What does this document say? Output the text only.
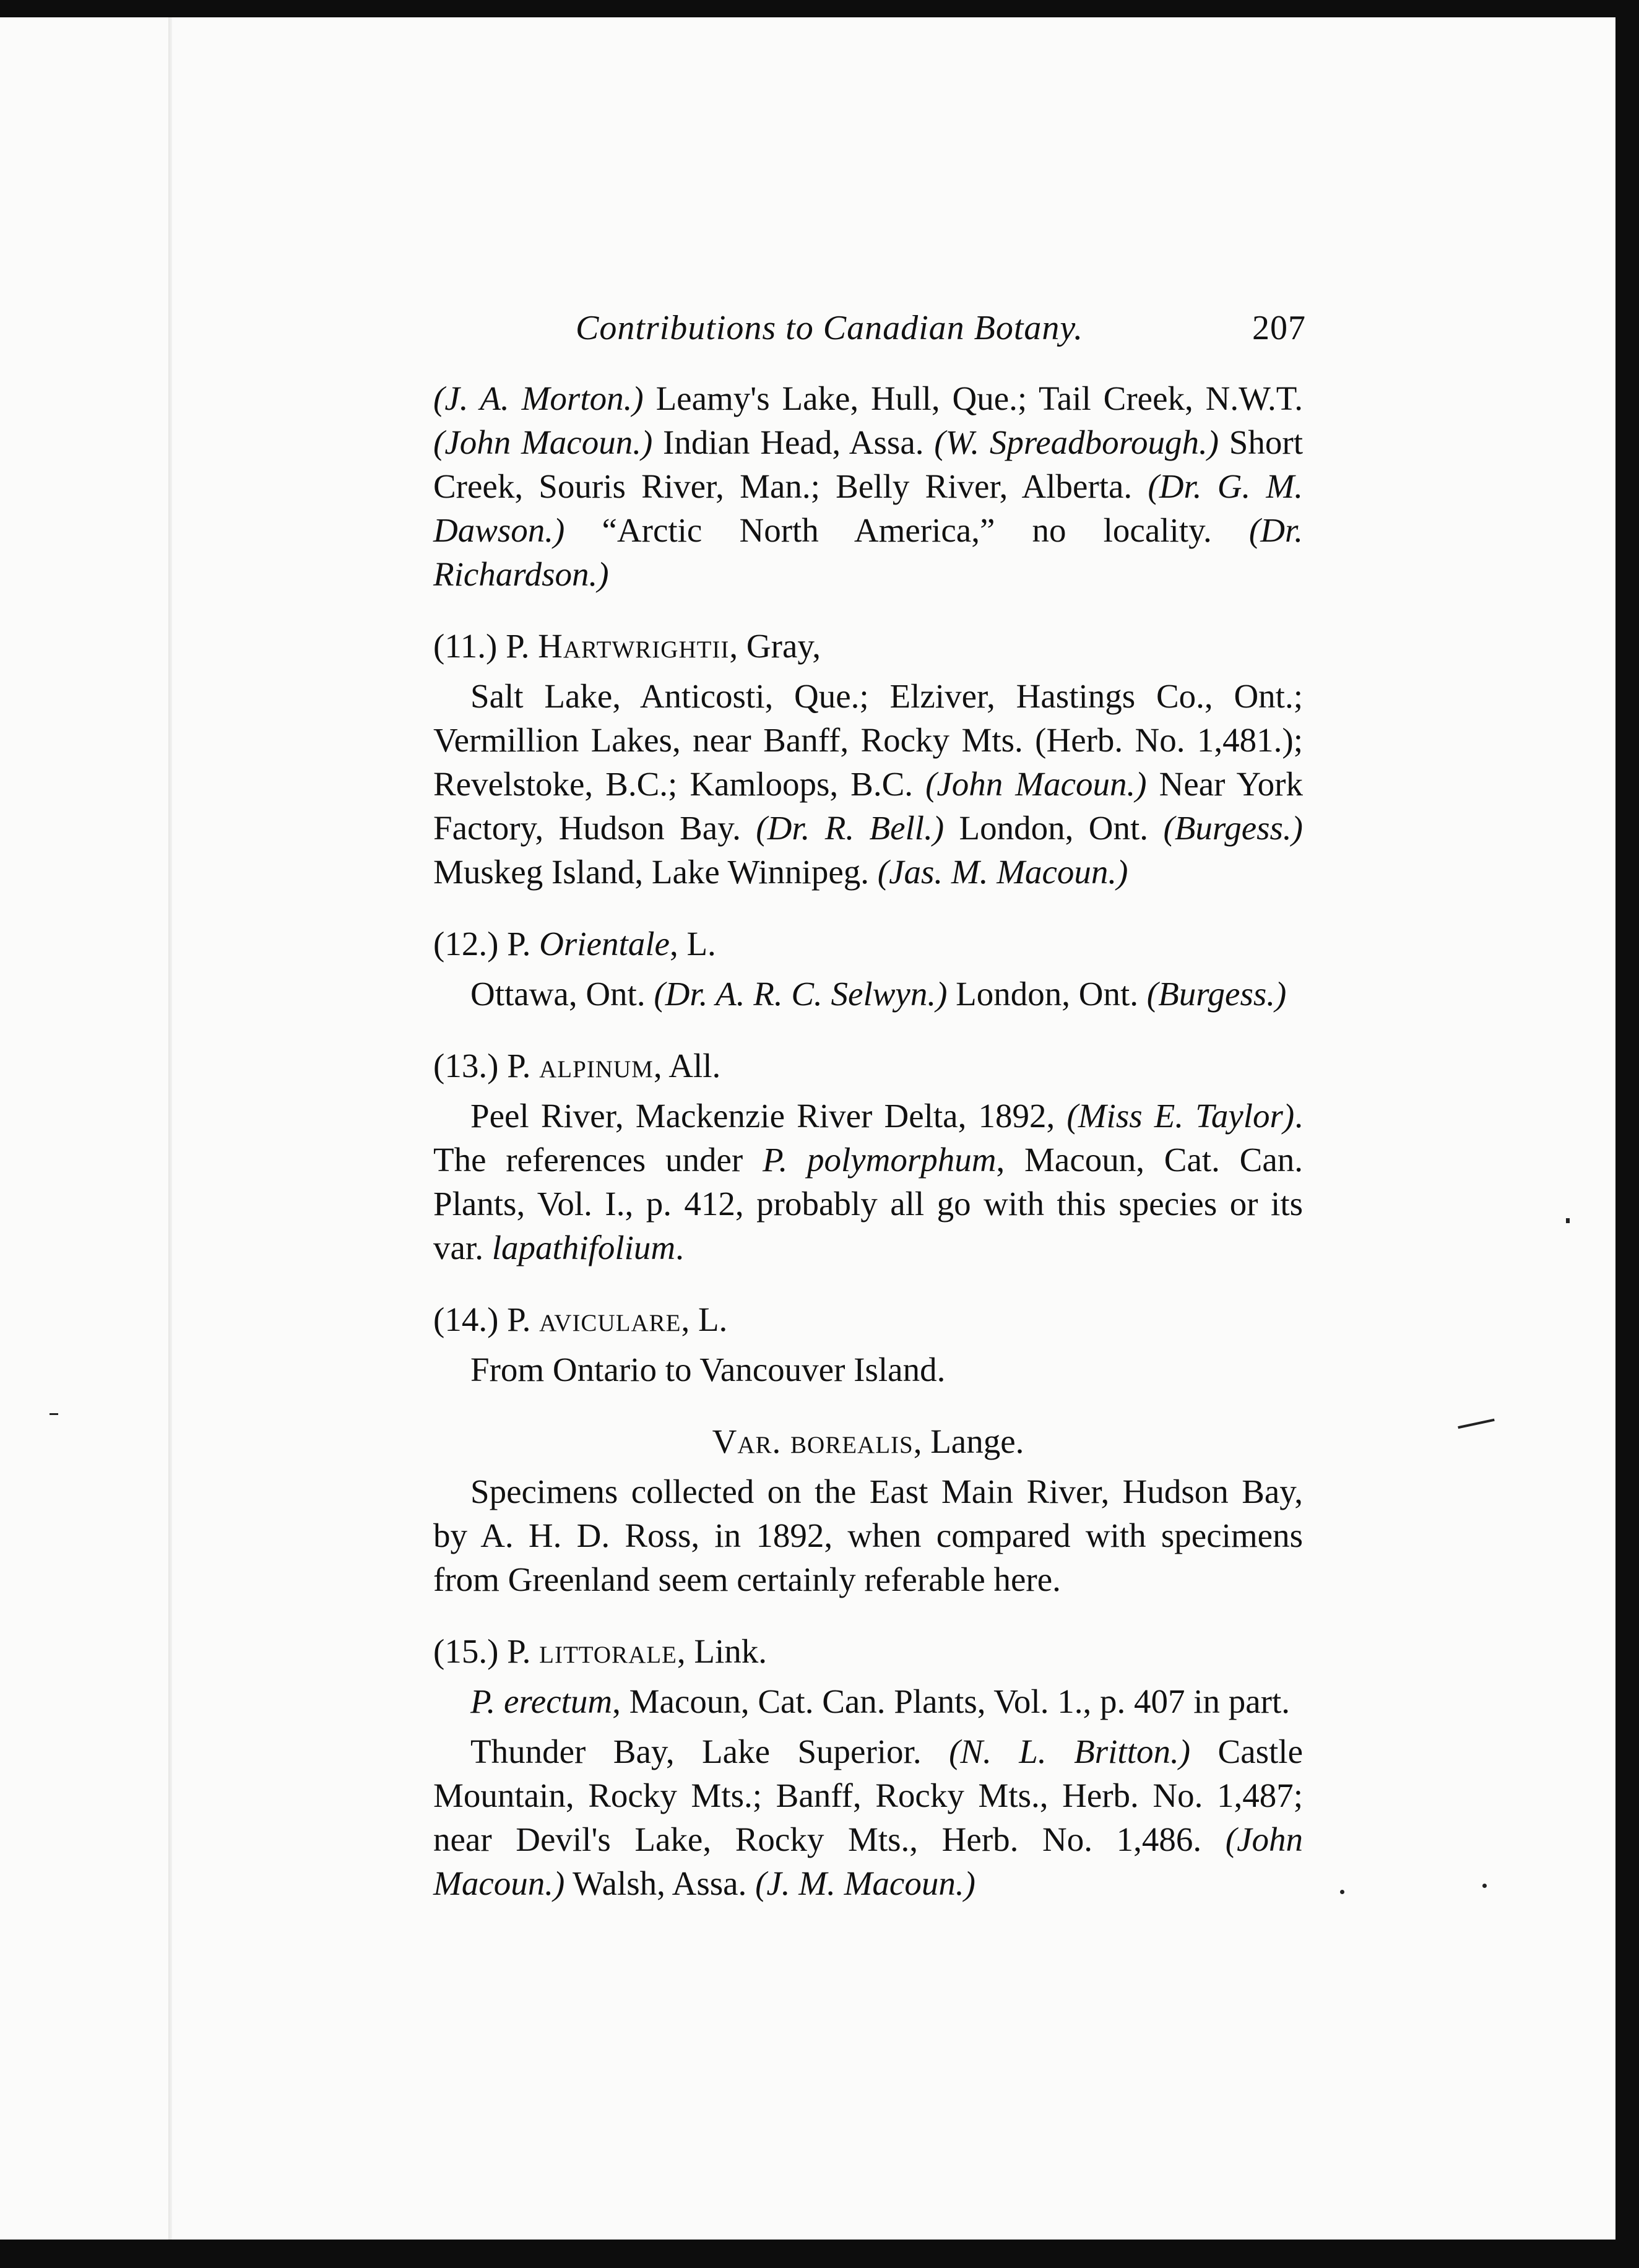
Contributions to Canadian Botany.	207

(J. A. Morton.) Leamy's Lake, Hull, Que.; Tail Creek, N.W.T. (John Macoun.) Indian Head, Assa. (W. Spreadborough.) Short Creek, Souris River, Man.; Belly River, Alberta. (Dr. G. M. Dawson.) “Arctic North America,” no locality. (Dr. Richardson.)

(11.) P. Hartwrightii, Gray,

Salt Lake, Anticosti, Que.; Elziver, Hastings Co., Ont.; Vermillion Lakes, near Banff, Rocky Mts. (Herb. No. 1,481.); Revelstoke, B.C.; Kamloops, B.C. (John Macoun.) Near York Factory, Hudson Bay. (Dr. R. Bell.) London, Ont. (Burgess.) Muskeg Island, Lake Winnipeg. (Jas. M. Macoun.)

(12.) P. Orientale, L.

Ottawa, Ont. (Dr. A. R. C. Selwyn.) London, Ont. (Burgess.)

(13.) P. alpinum, All.

Peel River, Mackenzie River Delta, 1892, (Miss E. Taylor). The references under P. polymorphum, Macoun, Cat. Can. Plants, Vol. I., p. 412, probably all go with this species or its var. lapathifolium.

(14.) P. aviculare, L.

From Ontario to Vancouver Island.

Var. borealis, Lange.

Specimens collected on the East Main River, Hudson Bay, by A. H. D. Ross, in 1892, when compared with specimens from Greenland seem certainly referable here.

(15.) P. littorale, Link.

P. erectum, Macoun, Cat. Can. Plants, Vol. 1., p. 407 in part.

Thunder Bay, Lake Superior. (N. L. Britton.) Castle Mountain, Rocky Mts.; Banff, Rocky Mts., Herb. No. 1,487; near Devil's Lake, Rocky Mts., Herb. No. 1,486. (John Macoun.) Walsh, Assa. (J. M. Macoun.)
